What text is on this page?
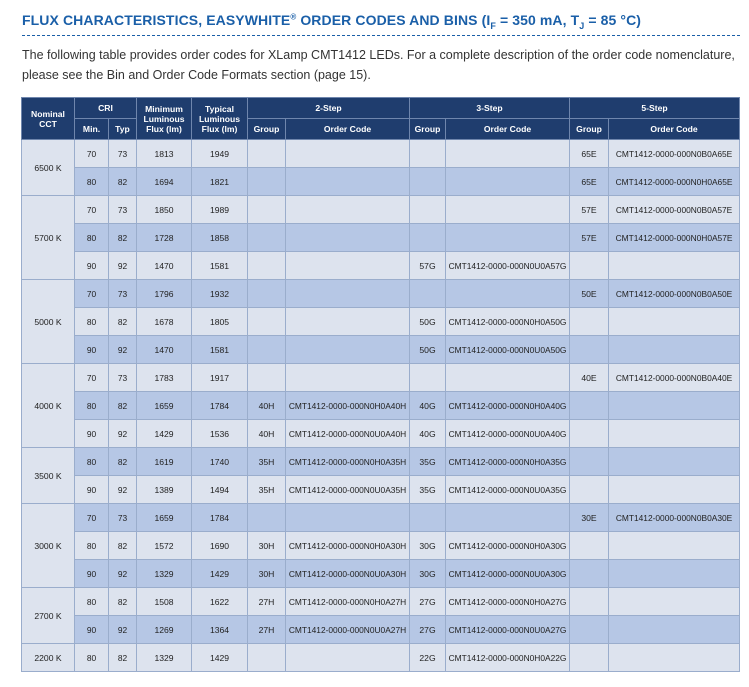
FLUX CHARACTERISTICS, EASYWHITE® ORDER CODES AND BINS ($I_F = 350$ mA, $T_J = 85$ °C)
The following table provides order codes for XLamp CMT1412 LEDs. For a complete description of the order code nomenclature, please see the Bin and Order Code Formats section (page 15).
Nominal CCT	CRI		Minimum Luminous Flux (lm)	Typical Luminous Flux (lm)	2-Step		3-Step		5-Step	
	Min.	Typ			Group	Order Code	Group	Order Code	Group	Order Code
6500 K	70	73	1813	1949					65E	CMT1412-0000-000N0B0A65E
	80	82	1694	1821					65E	CMT1412-0000-000N0H0A65E
5700 K	70	73	1850	1989					57E	CMT1412-0000-000N0B0A57E
	80	82	1728	1858					57E	CMT1412-0000-000N0H0A57E
	90	92	1470	1581			57G	CMT1412-0000-000N0U0A57G		
5000 K	70	73	1796	1932					50E	CMT1412-0000-000N0B0A50E
	80	82	1678	1805			50G	CMT1412-0000-000N0H0A50G		
	90	92	1470	1581			50G	CMT1412-0000-000N0U0A50G		
4000 K	70	73	1783	1917					40E	CMT1412-0000-000N0B0A40E
	80	82	1659	1784	40H	CMT1412-0000-000N0H0A40H	40G	CMT1412-0000-000N0H0A40G		
	90	92	1429	1536	40H	CMT1412-0000-000N0U0A40H	40G	CMT1412-0000-000N0U0A40G		
3500 K	80	82	1619	1740	35H	CMT1412-0000-000N0H0A35H	35G	CMT1412-0000-000N0H0A35G		
	90	92	1389	1494	35H	CMT1412-0000-000N0U0A35H	35G	CMT1412-0000-000N0U0A35G		
3000 K	70	73	1659	1784					30E	CMT1412-0000-000N0B0A30E
	80	82	1572	1690	30H	CMT1412-0000-000N0H0A30H	30G	CMT1412-0000-000N0H0A30G		
	90	92	1329	1429	30H	CMT1412-0000-000N0U0A30H	30G	CMT1412-0000-000N0U0A30G		
2700 K	80	82	1508	1622	27H	CMT1412-0000-000N0H0A27H	27G	CMT1412-0000-000N0H0A27G		
	90	92	1269	1364	27H	CMT1412-0000-000N0U0A27H	27G	CMT1412-0000-000N0U0A27G		
2200 K	80	82	1329	1429			22G	CMT1412-0000-000N0H0A22G		
